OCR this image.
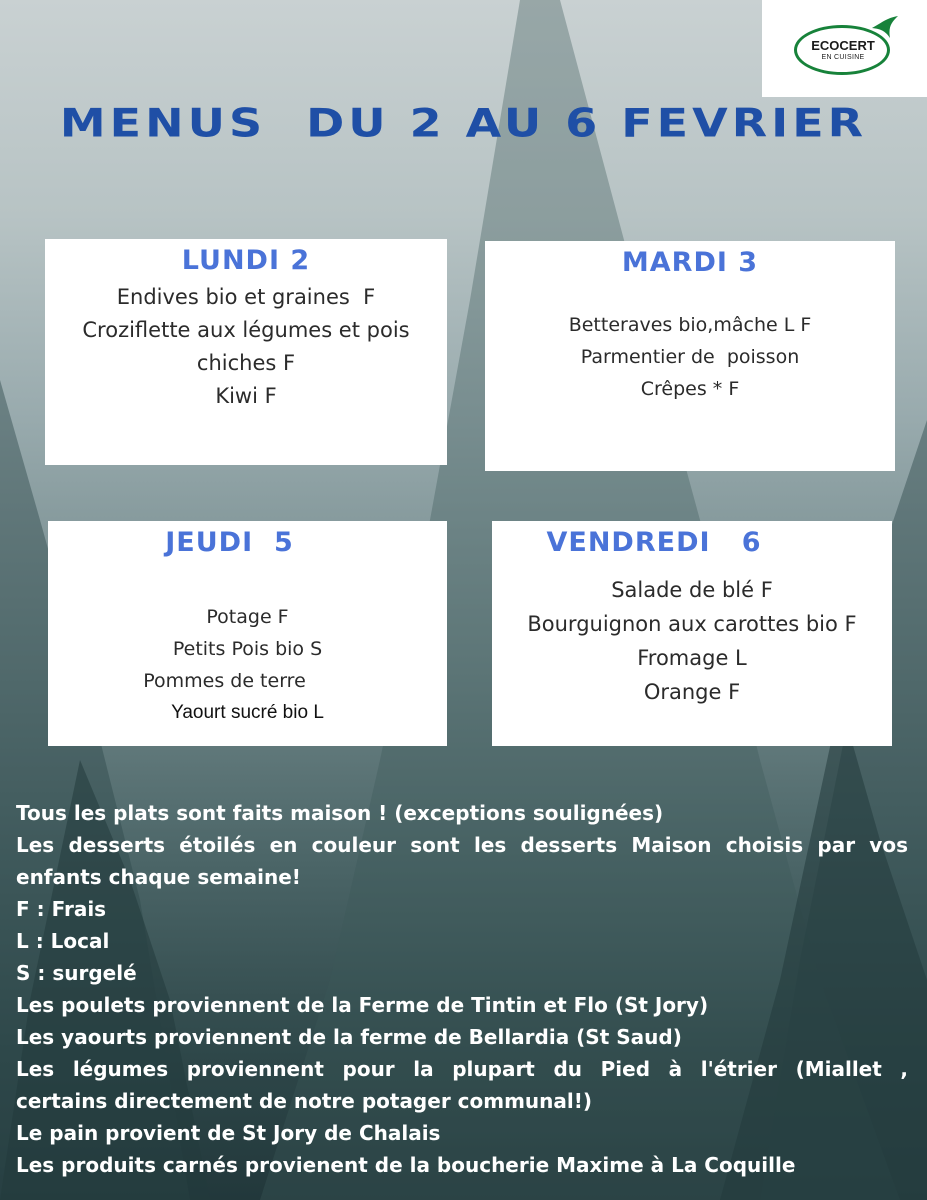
ECOCERT
EN CUISINE
MENUS  DU 2 AU 6 FEVRIER
LUNDI 2
Endives bio et graines  F
Croziflette aux légumes et pois
chiches F
Kiwi F
MARDI 3
Betteraves bio,mâche L F
Parmentier de  poisson
Crêpes * F
JEUDI  5
Potage F
Petits Pois bio S
Pommes de terre
Yaourt sucré bio L
VENDREDI   6
Salade de blé F
Bourguignon aux carottes bio F
Fromage L
Orange F
Tous les plats sont faits maison ! (exceptions soulignées)
Les desserts étoilés en couleur sont les desserts Maison choisis par vos
enfants chaque semaine!
F : Frais
L : Local
S : surgelé
Les poulets proviennent de la Ferme de Tintin et Flo (St Jory)
Les yaourts proviennent de la ferme de Bellardia (St Saud)
Les légumes proviennent pour la plupart du Pied à l'étrier (Miallet ,
certains directement de notre potager communal!)
Le pain provient de St Jory de Chalais
Les produits carnés provienent de la boucherie Maxime à La Coquille
